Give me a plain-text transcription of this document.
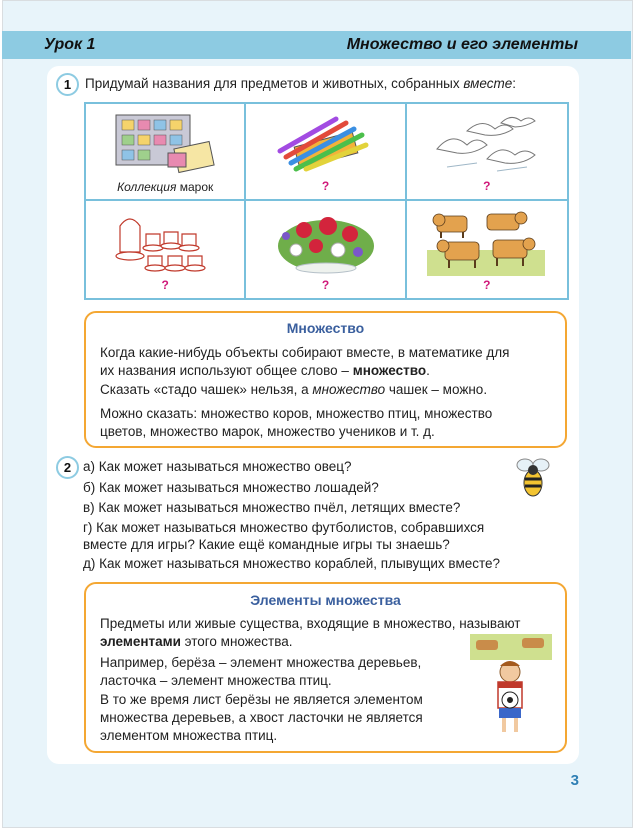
Урок 1	Множество и его элементы
1	Придумай названия для предметов и животных, собранных вместе:
Коллекция марок	?	?
?	?	?
Множество
Когда какие-нибудь объекты собирают вместе, в математике для
их названия используют общее слово – множество.
Сказать «стадо чашек» нельзя, а множество чашек – можно.
Можно сказать: множество коров, множество птиц, множество
цветов, множество марок, множество учеников и т. д.
2 а) Как может называться множество овец?
б) Как может называться множество лошадей?
в) Как может называться множество пчёл, летящих вместе?
г) Как может называться множество футболистов, собравшихся
вместе для игры? Какие ещё командные игры ты знаешь?
д) Как может называться множество кораблей, плывущих вместе?
Элементы множества
Предметы или живые существа, входящие в множество, называют
элементами этого множества.
Например, берёза – элемент множества деревьев,
ласточка – элемент множества птиц.
В то же время лист берёзы не является элементом
множества деревьев, а хвост ласточки не является
элементом множества птиц.
3
